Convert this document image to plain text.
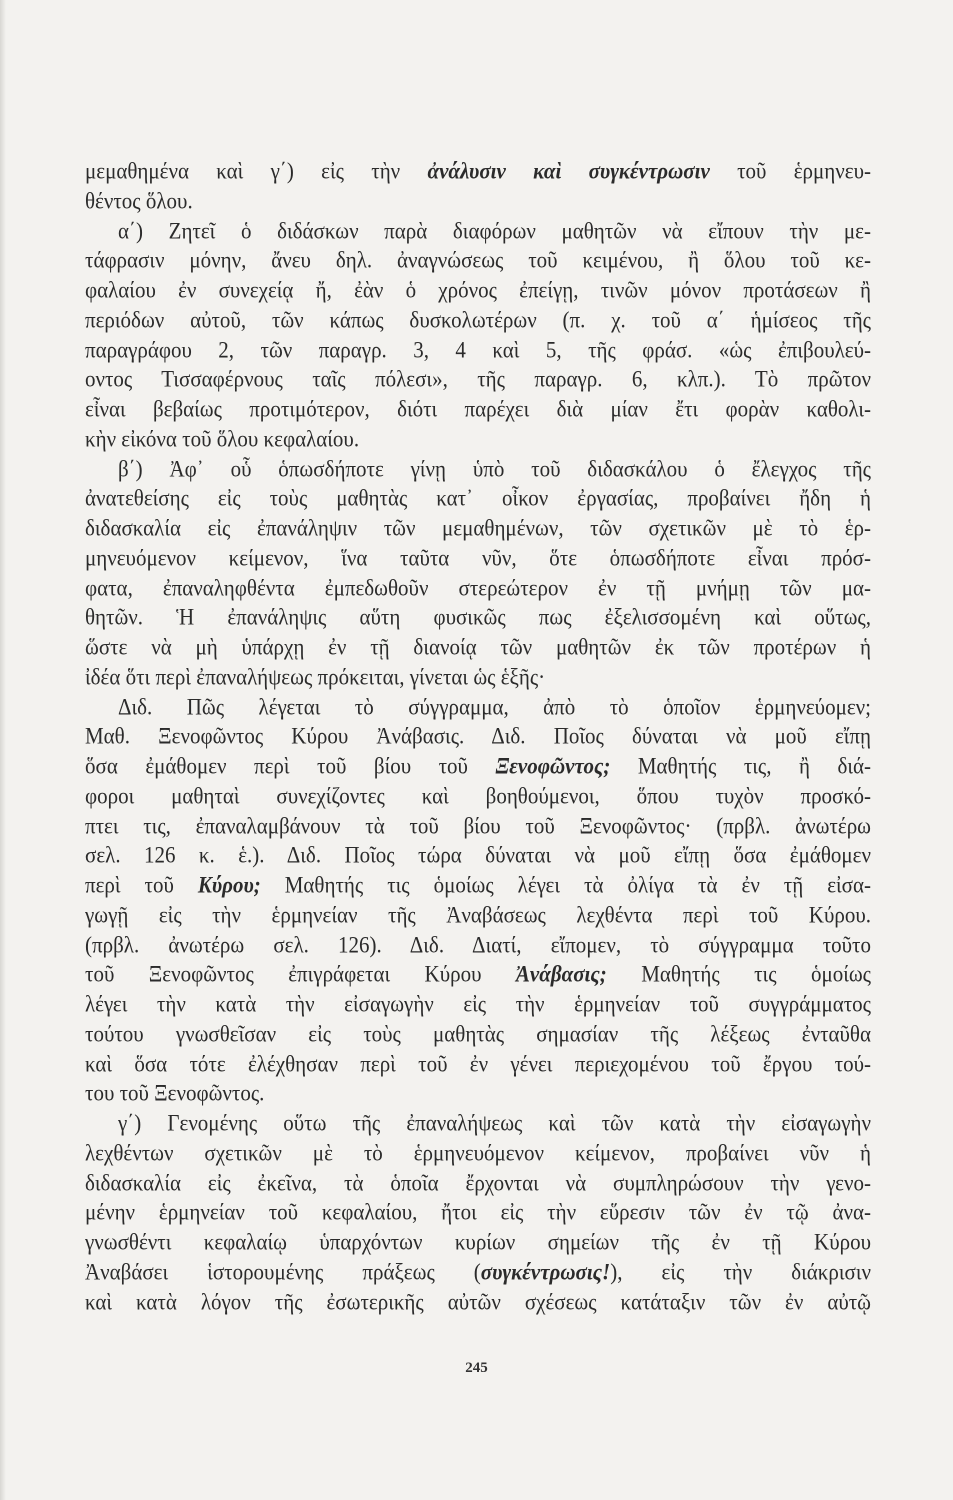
μεμαθημένα καὶ γ΄) εἰς τὴν ἀνάλυσιν καὶ συγκέντρωσιν τοῦ ἑρμηνευ-
θέντος ὅλου.
α΄) Ζητεῖ ὁ διδάσκων παρὰ διαφόρων μαθητῶν νὰ εἴπουν τὴν με-
τάφρασιν μόνην, ἄνευ δηλ. ἀναγνώσεως τοῦ κειμένου, ἢ ὅλου τοῦ κε-
φαλαίου ἐν συνεχείᾳ ἤ, ἐὰν ὁ χρόνος ἐπείγῃ, τινῶν μόνον προτάσεων ἢ
περιόδων αὐτοῦ, τῶν κάπως δυσκολωτέρων (π. χ. τοῦ α΄ ἡμίσεος τῆς
παραγράφου 2, τῶν παραγρ. 3, 4 καὶ 5, τῆς φράσ. «ὡς ἐπιβουλεύ-
οντος Τισσαφέρνους ταῖς πόλεσι», τῆς παραγρ. 6, κλπ.). Τὸ πρῶτον
εἶναι βεβαίως προτιμότερον, διότι παρέχει διὰ μίαν ἔτι φορὰν καθολι-
κὴν εἰκόνα τοῦ ὅλου κεφαλαίου.
β΄) Ἀφ᾿ οὗ ὁπωσδήποτε γίνῃ ὑπὸ τοῦ διδασκάλου ὁ ἔλεγχος τῆς
ἀνατεθείσης εἰς τοὺς μαθητὰς κατ᾿ οἶκον ἐργασίας, προβαίνει ἤδη ἡ
διδασκαλία εἰς ἐπανάληψιν τῶν μεμαθημένων, τῶν σχετικῶν μὲ τὸ ἑρ-
μηνευόμενον κείμενον, ἵνα ταῦτα νῦν, ὅτε ὁπωσδήποτε εἶναι πρόσ-
φατα, ἐπαναληφθέντα ἐμπεδωθοῦν στερεώτερον ἐν τῇ μνήμῃ τῶν μα-
θητῶν. Ἡ ἐπανάληψις αὕτη φυσικῶς πως ἐξελισσομένη καὶ οὕτως,
ὥστε νὰ μὴ ὑπάρχῃ ἐν τῇ διανοίᾳ τῶν μαθητῶν ἐκ τῶν προτέρων ἡ
ἰδέα ὅτι περὶ ἐπαναλήψεως πρόκειται, γίνεται ὡς ἑξῆς·
Διδ. Πῶς λέγεται τὸ σύγγραμμα, ἀπὸ τὸ ὁποῖον ἑρμηνεύομεν;
Μαθ. Ξενοφῶντος Κύρου Ἀνάβασις. Διδ. Ποῖος δύναται νὰ μοῦ εἴπῃ
ὅσα ἐμάθομεν περὶ τοῦ βίου τοῦ Ξενοφῶντος; Μαθητής τις, ἢ διά-
φοροι μαθηταὶ συνεχίζοντες καὶ βοηθούμενοι, ὅπου τυχὸν προσκό-
πτει τις, ἐπαναλαμβάνουν τὰ τοῦ βίου τοῦ Ξενοφῶντος· (πρβλ. ἀνωτέρω
σελ. 126 κ. ἑ.). Διδ. Ποῖος τώρα δύναται νὰ μοῦ εἴπῃ ὅσα ἐμάθομεν
περὶ τοῦ Κύρου; Μαθητής τις ὁμοίως λέγει τὰ ὀλίγα τὰ ἐν τῇ εἰσα-
γωγῇ εἰς τὴν ἑρμηνείαν τῆς Ἀναβάσεως λεχθέντα περὶ τοῦ Κύρου.
(πρβλ. ἀνωτέρω σελ. 126). Διδ. Διατί, εἴπομεν, τὸ σύγγραμμα τοῦτο
τοῦ Ξενοφῶντος ἐπιγράφεται Κύρου Ἀνάβασις; Μαθητής τις ὁμοίως
λέγει τὴν κατὰ τὴν εἰσαγωγὴν εἰς τὴν ἑρμηνείαν τοῦ συγγράμματος
τούτου γνωσθεῖσαν εἰς τοὺς μαθητὰς σημασίαν τῆς λέξεως ἐνταῦθα
καὶ ὅσα τότε ἐλέχθησαν περὶ τοῦ ἐν γένει περιεχομένου τοῦ ἔργου τού-
του τοῦ Ξενοφῶντος.
γ΄) Γενομένης οὕτω τῆς ἐπαναλήψεως καὶ τῶν κατὰ τὴν εἰσαγωγὴν
λεχθέντων σχετικῶν μὲ τὸ ἑρμηνευόμενον κείμενον, προβαίνει νῦν ἡ
διδασκαλία εἰς ἐκεῖνα, τὰ ὁποῖα ἔρχονται νὰ συμπληρώσουν τὴν γενο-
μένην ἑρμηνείαν τοῦ κεφαλαίου, ἤτοι εἰς τὴν εὕρεσιν τῶν ἐν τῷ ἀνα-
γνωσθέντι κεφαλαίῳ ὑπαρχόντων κυρίων σημείων τῆς ἐν τῇ Κύρου
Ἀναβάσει ἱστορουμένης πράξεως (συγκέντρωσις!), εἰς τὴν διάκρισιν
καὶ κατὰ λόγον τῆς ἐσωτερικῆς αὐτῶν σχέσεως κατάταξιν τῶν ἐν αὐτῷ
245
